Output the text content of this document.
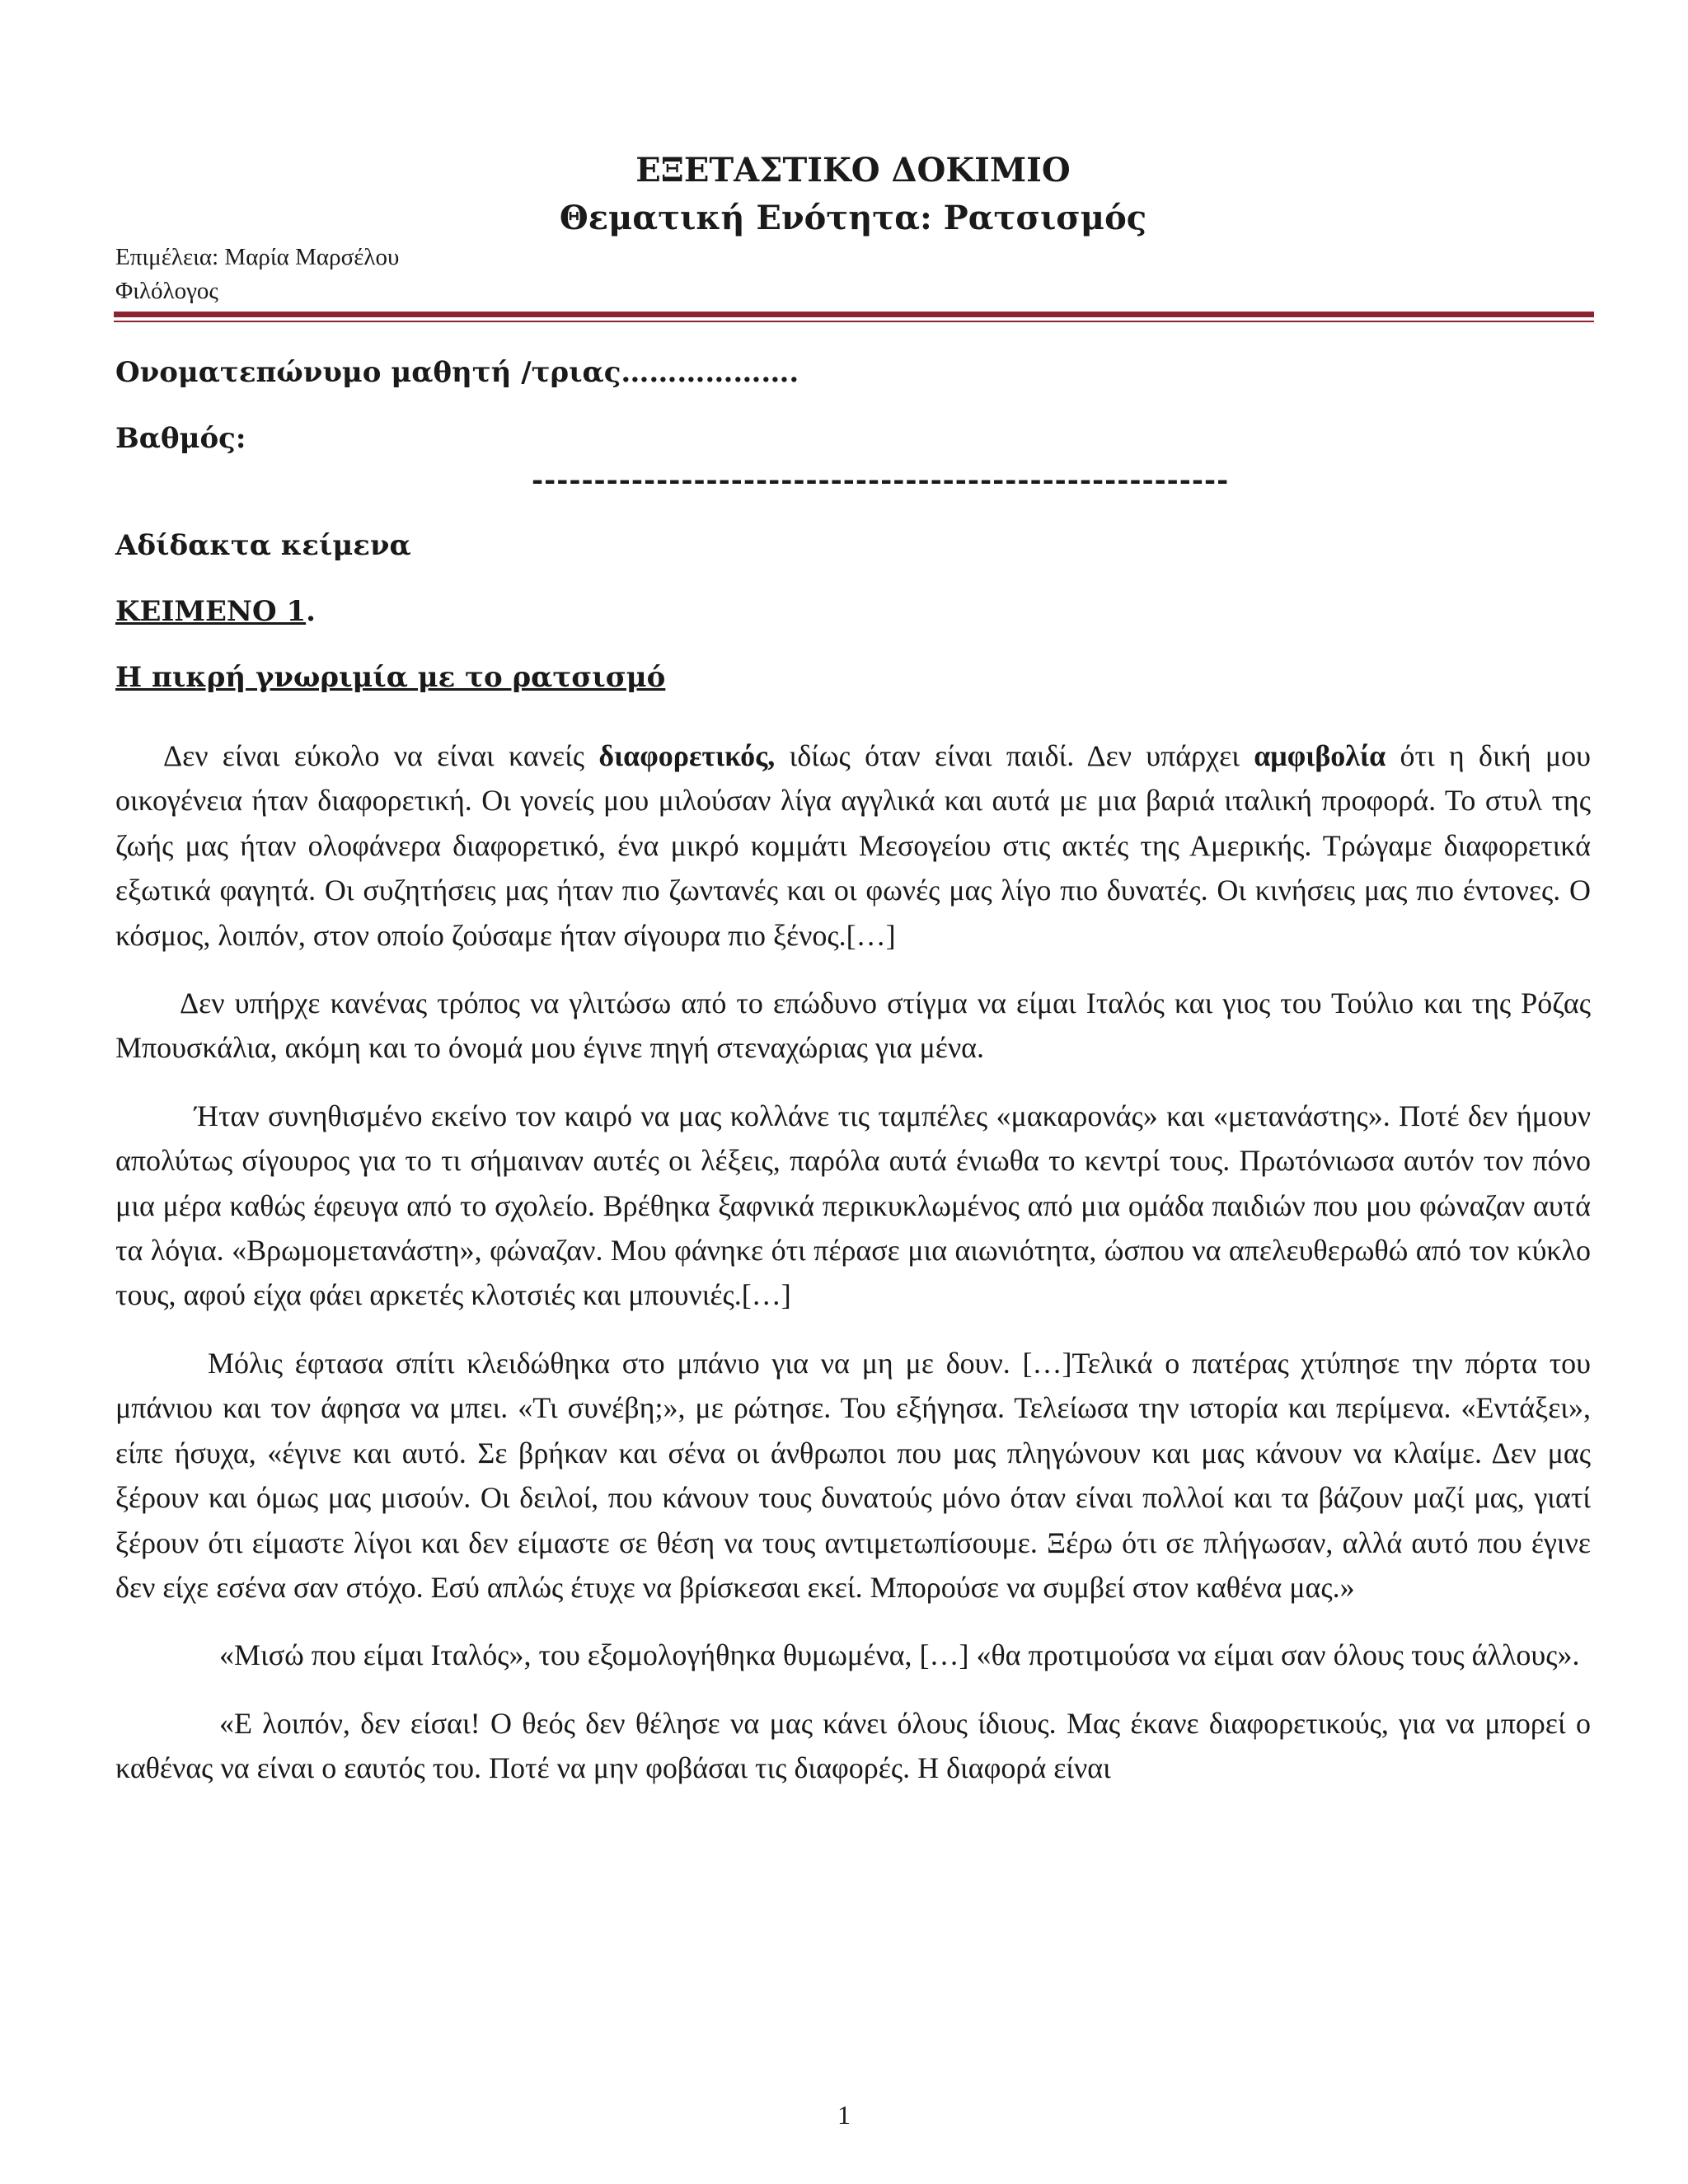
ΕΞΕΤΑΣΤΙΚΟ ΔΟΚΙΜΙΟ
Θεματική Ενότητα: Ρατσισμός
Επιμέλεια: Μαρία Μαρσέλου
Φιλόλογος
Ονοματεπώνυμο μαθητή /τριας……………….
Βαθμός:
--------------------------------------------------------
Αδίδακτα κείμενα
ΚΕΙΜΕΝΟ 1.
Η πικρή γνωριμία με το ρατσισμό

Δεν είναι εύκολο να είναι κανείς διαφορετικός, ιδίως όταν είναι παιδί. Δεν υπάρχει αμφιβολία ότι η δική μου οικογένεια ήταν διαφορετική. Οι γονείς μου μιλούσαν λίγα αγγλικά και αυτά με μια βαριά ιταλική προφορά. Το στυλ της ζωής μας ήταν ολοφάνερα διαφορετικό, ένα μικρό κομμάτι Μεσογείου στις ακτές της Αμερικής. Τρώγαμε διαφορετικά εξωτικά φαγητά. Οι συζητήσεις μας ήταν πιο ζωντανές και οι φωνές μας λίγο πιο δυνατές. Οι κινήσεις μας πιο έντονες. Ο κόσμος, λοιπόν, στον οποίο ζούσαμε ήταν σίγουρα πιο ξένος.[…]

Δεν υπήρχε κανένας τρόπος να γλιτώσω από το επώδυνο στίγμα να είμαι Ιταλός και γιος του Τούλιο και της Ρόζας Μπουσκάλια, ακόμη και το όνομά μου έγινε πηγή στεναχώριας για μένα.

Ήταν συνηθισμένο εκείνο τον καιρό να μας κολλάνε τις ταμπέλες «μακαρονάς» και «μετανάστης». Ποτέ δεν ήμουν απολύτως σίγουρος για το τι σήμαιναν αυτές οι λέξεις, παρόλα αυτά ένιωθα το κεντρί τους. Πρωτόνιωσα αυτόν τον πόνο μια μέρα καθώς έφευγα από το σχολείο. Βρέθηκα ξαφνικά περικυκλωμένος από μια ομάδα παιδιών που μου φώναζαν αυτά τα λόγια. «Βρωμομετανάστη», φώναζαν. Μου φάνηκε ότι πέρασε μια αιωνιότητα, ώσπου να απελευθερωθώ από τον κύκλο τους, αφού είχα φάει αρκετές κλοτσιές και μπουνιές.[…]

Μόλις έφτασα σπίτι κλειδώθηκα στο μπάνιο για να μη με δουν. […]Τελικά ο πατέρας χτύπησε την πόρτα του μπάνιου και τον άφησα να μπει. «Τι συνέβη;», με ρώτησε. Του εξήγησα. Τελείωσα την ιστορία και περίμενα. «Εντάξει», είπε ήσυχα, «έγινε και αυτό. Σε βρήκαν και σένα οι άνθρωποι που μας πληγώνουν και μας κάνουν να κλαίμε. Δεν μας ξέρουν και όμως μας μισούν. Οι δειλοί, που κάνουν τους δυνατούς μόνο όταν είναι πολλοί και τα βάζουν μαζί μας, γιατί ξέρουν ότι είμαστε λίγοι και δεν είμαστε σε θέση να τους αντιμετωπίσουμε. Ξέρω ότι σε πλήγωσαν, αλλά αυτό που έγινε δεν είχε εσένα σαν στόχο. Εσύ απλώς έτυχε να βρίσκεσαι εκεί. Μπορούσε να συμβεί στον καθένα μας.»

«Μισώ που είμαι Ιταλός», του εξομολογήθηκα θυμωμένα, […] «θα προτιμούσα να είμαι σαν όλους τους άλλους».

«Ε λοιπόν, δεν είσαι! Ο θεός δεν θέλησε να μας κάνει όλους ίδιους. Μας έκανε διαφορετικούς, για να μπορεί ο καθένας να είναι ο εαυτός του. Ποτέ να μην φοβάσαι τις διαφορές. Η διαφορά είναι

1
